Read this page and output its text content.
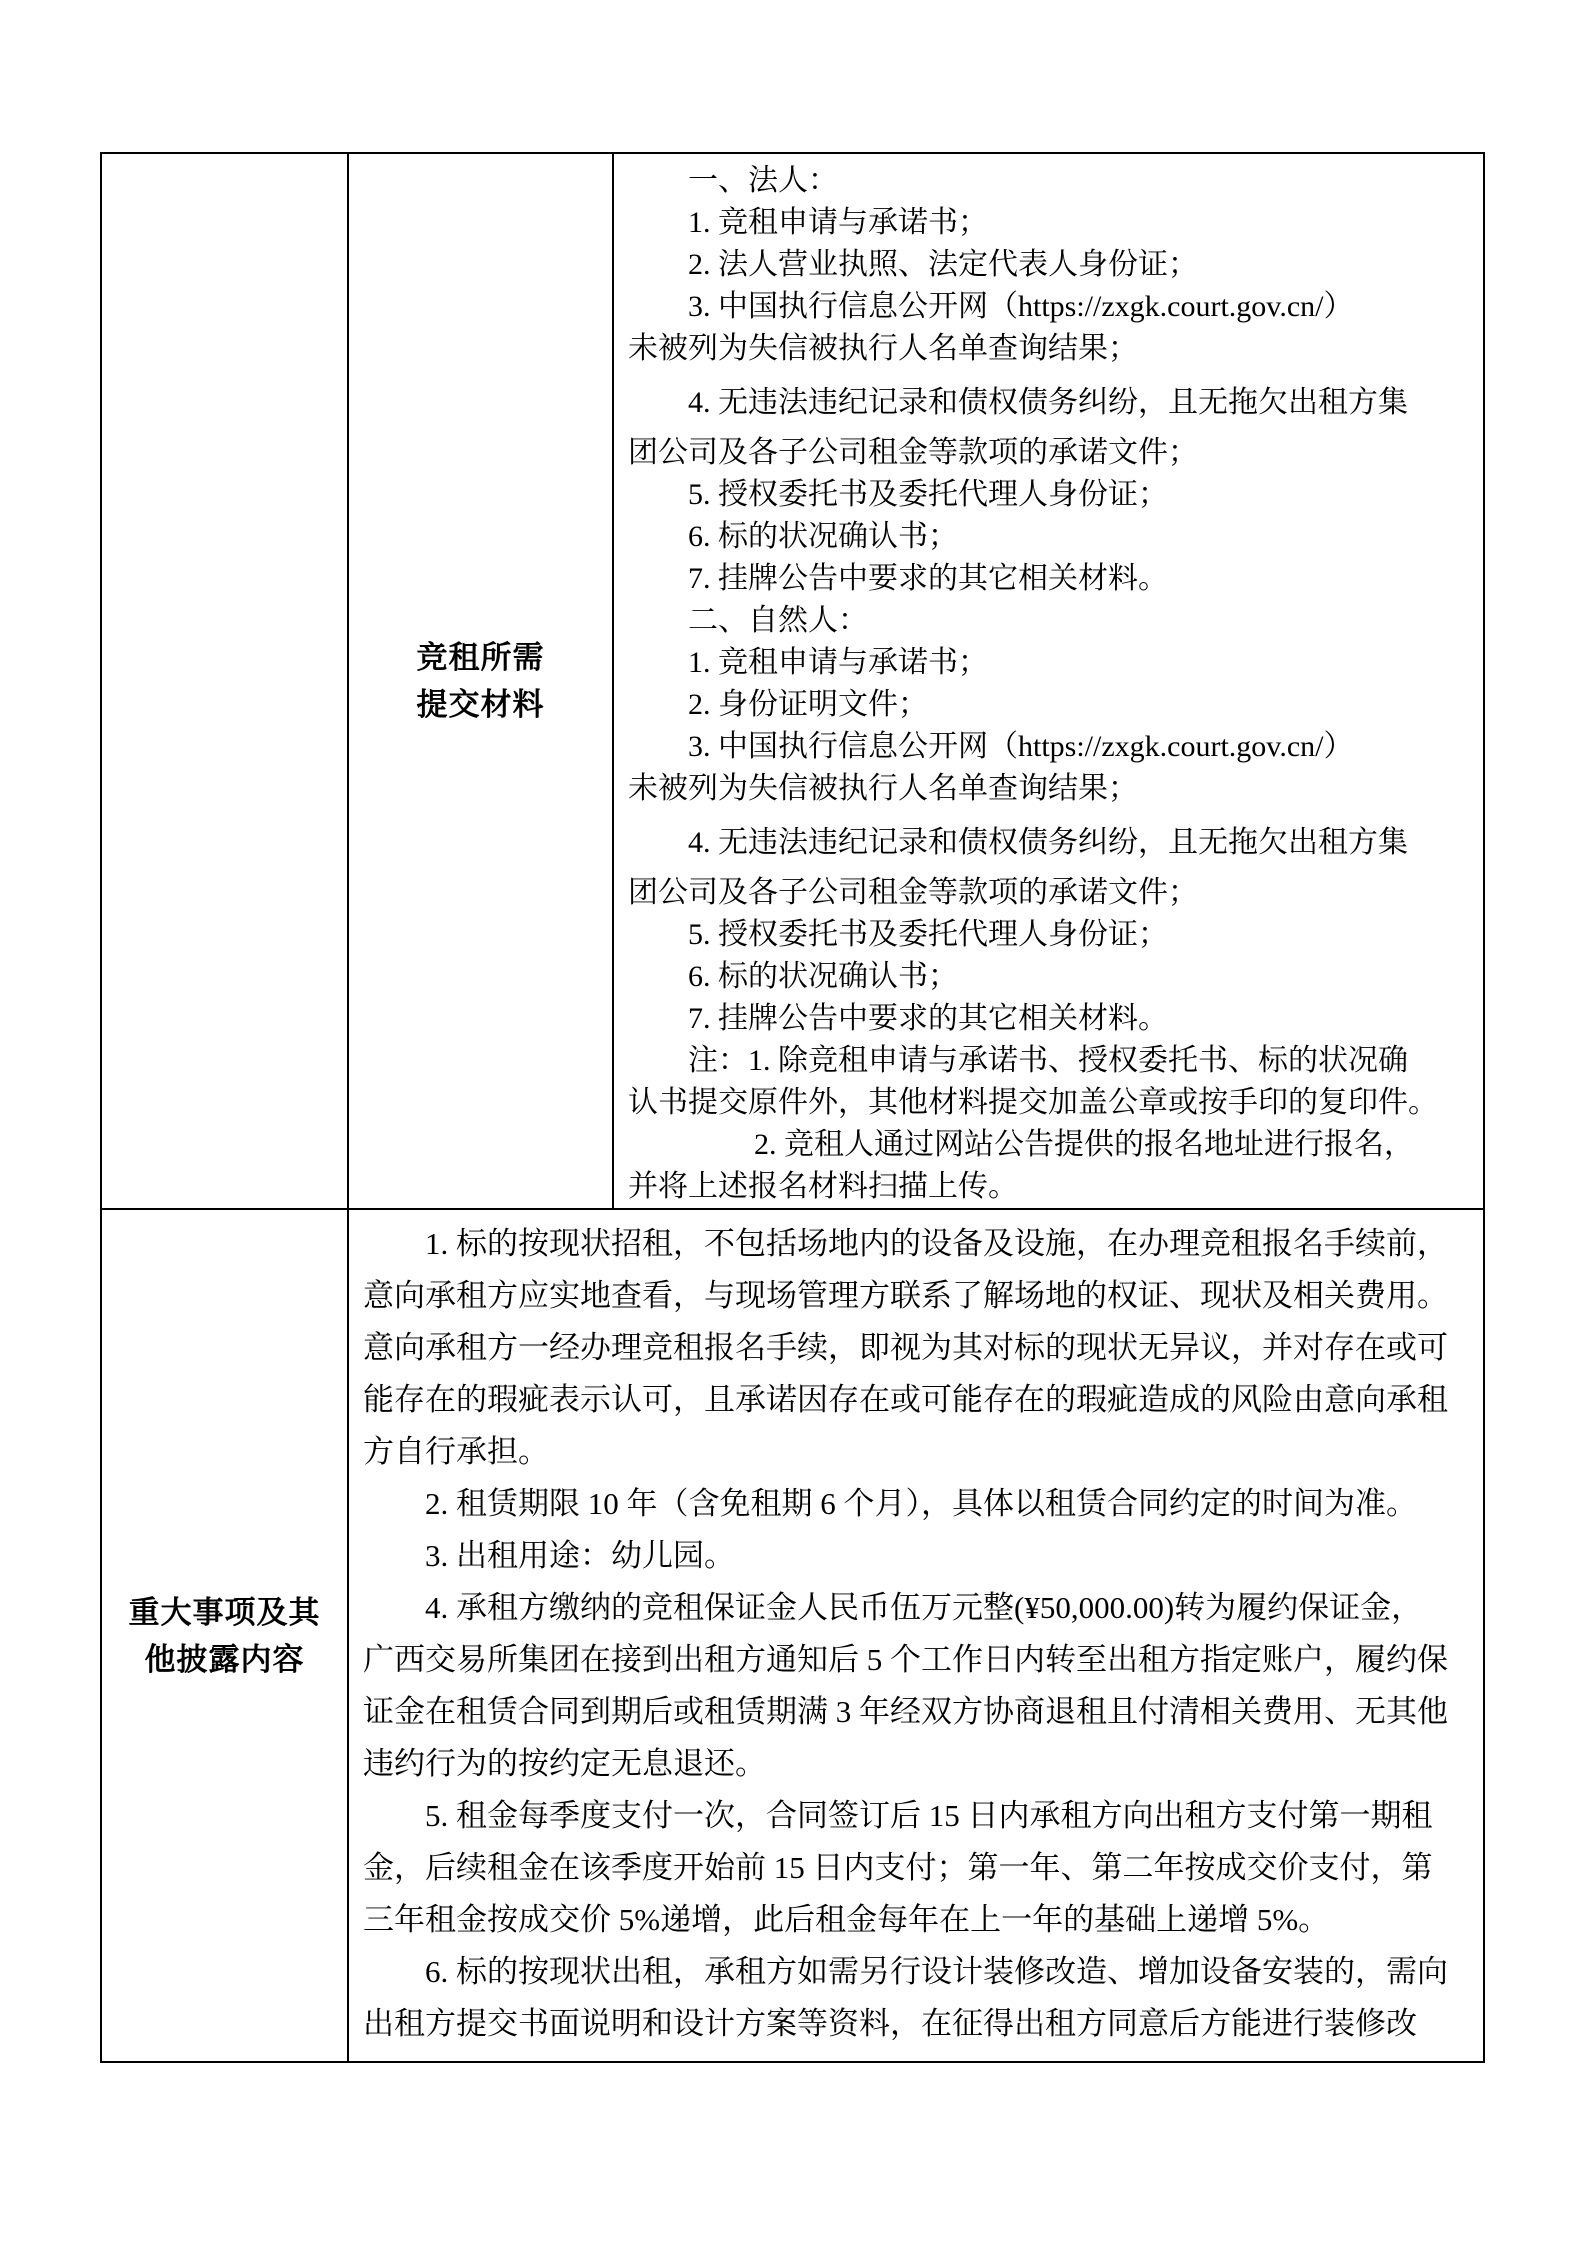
竞租所需
提交材料
一、法人：
1. 竞租申请与承诺书；
2. 法人营业执照、法定代表人身份证；
3. 中国执行信息公开网（https://zxgk.court.gov.cn/）
未被列为失信被执行人名单查询结果；
4. 无违法违纪记录和债权债务纠纷，且无拖欠出租方集
团公司及各子公司租金等款项的承诺文件；
5. 授权委托书及委托代理人身份证；
6. 标的状况确认书；
7. 挂牌公告中要求的其它相关材料。
二、自然人：
1. 竞租申请与承诺书；
2. 身份证明文件；
3. 中国执行信息公开网（https://zxgk.court.gov.cn/）
未被列为失信被执行人名单查询结果；
4. 无违法违纪记录和债权债务纠纷，且无拖欠出租方集
团公司及各子公司租金等款项的承诺文件；
5. 授权委托书及委托代理人身份证；
6. 标的状况确认书；
7. 挂牌公告中要求的其它相关材料。
注：1. 除竞租申请与承诺书、授权委托书、标的状况确
认书提交原件外，其他材料提交加盖公章或按手印的复印件。
2. 竞租人通过网站公告提供的报名地址进行报名，
并将上述报名材料扫描上传。
重大事项及其
他披露内容
1. 标的按现状招租，不包括场地内的设备及设施，在办理竞租报名手续前，
意向承租方应实地查看，与现场管理方联系了解场地的权证、现状及相关费用。
意向承租方一经办理竞租报名手续，即视为其对标的现状无异议，并对存在或可
能存在的瑕疵表示认可，且承诺因存在或可能存在的瑕疵造成的风险由意向承租
方自行承担。
2. 租赁期限 10 年（含免租期 6 个月），具体以租赁合同约定的时间为准。
3. 出租用途：幼儿园。
4. 承租方缴纳的竞租保证金人民币伍万元整(¥50,000.00)转为履约保证金，
广西交易所集团在接到出租方通知后 5 个工作日内转至出租方指定账户，履约保
证金在租赁合同到期后或租赁期满 3 年经双方协商退租且付清相关费用、无其他
违约行为的按约定无息退还。
5. 租金每季度支付一次，合同签订后 15 日内承租方向出租方支付第一期租
金，后续租金在该季度开始前 15 日内支付；第一年、第二年按成交价支付，第
三年租金按成交价 5%递增，此后租金每年在上一年的基础上递增 5%。
6. 标的按现状出租，承租方如需另行设计装修改造、增加设备安装的，需向
出租方提交书面说明和设计方案等资料，在征得出租方同意后方能进行装修改
